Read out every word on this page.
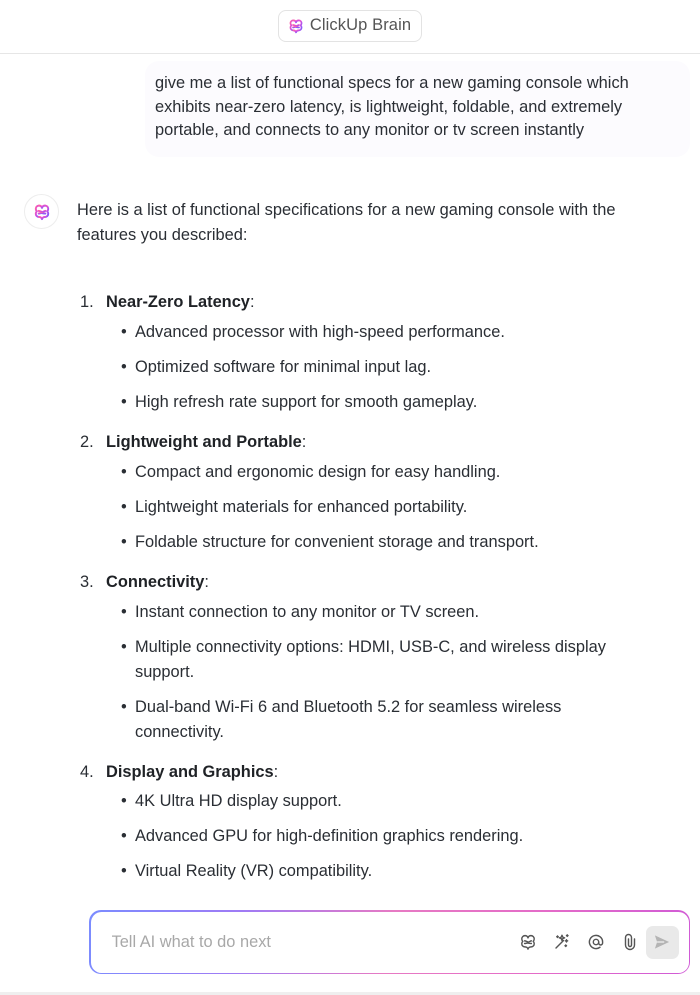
ClickUp Brain
give me a list of functional specs for a new gaming console which exhibits near-zero latency, is lightweight, foldable, and extremely portable, and connects to any monitor or tv screen instantly
Here is a list of functional specifications for a new gaming console with the features you described:
1. Near-Zero Latency:
• Advanced processor with high-speed performance.
• Optimized software for minimal input lag.
• High refresh rate support for smooth gameplay.
2. Lightweight and Portable:
• Compact and ergonomic design for easy handling.
• Lightweight materials for enhanced portability.
• Foldable structure for convenient storage and transport.
3. Connectivity:
• Instant connection to any monitor or TV screen.
• Multiple connectivity options: HDMI, USB-C, and wireless display support.
• Dual-band Wi-Fi 6 and Bluetooth 5.2 for seamless wireless connectivity.
4. Display and Graphics:
• 4K Ultra HD display support.
• Advanced GPU for high-definition graphics rendering.
• Virtual Reality (VR) compatibility.
Tell AI what to do next
